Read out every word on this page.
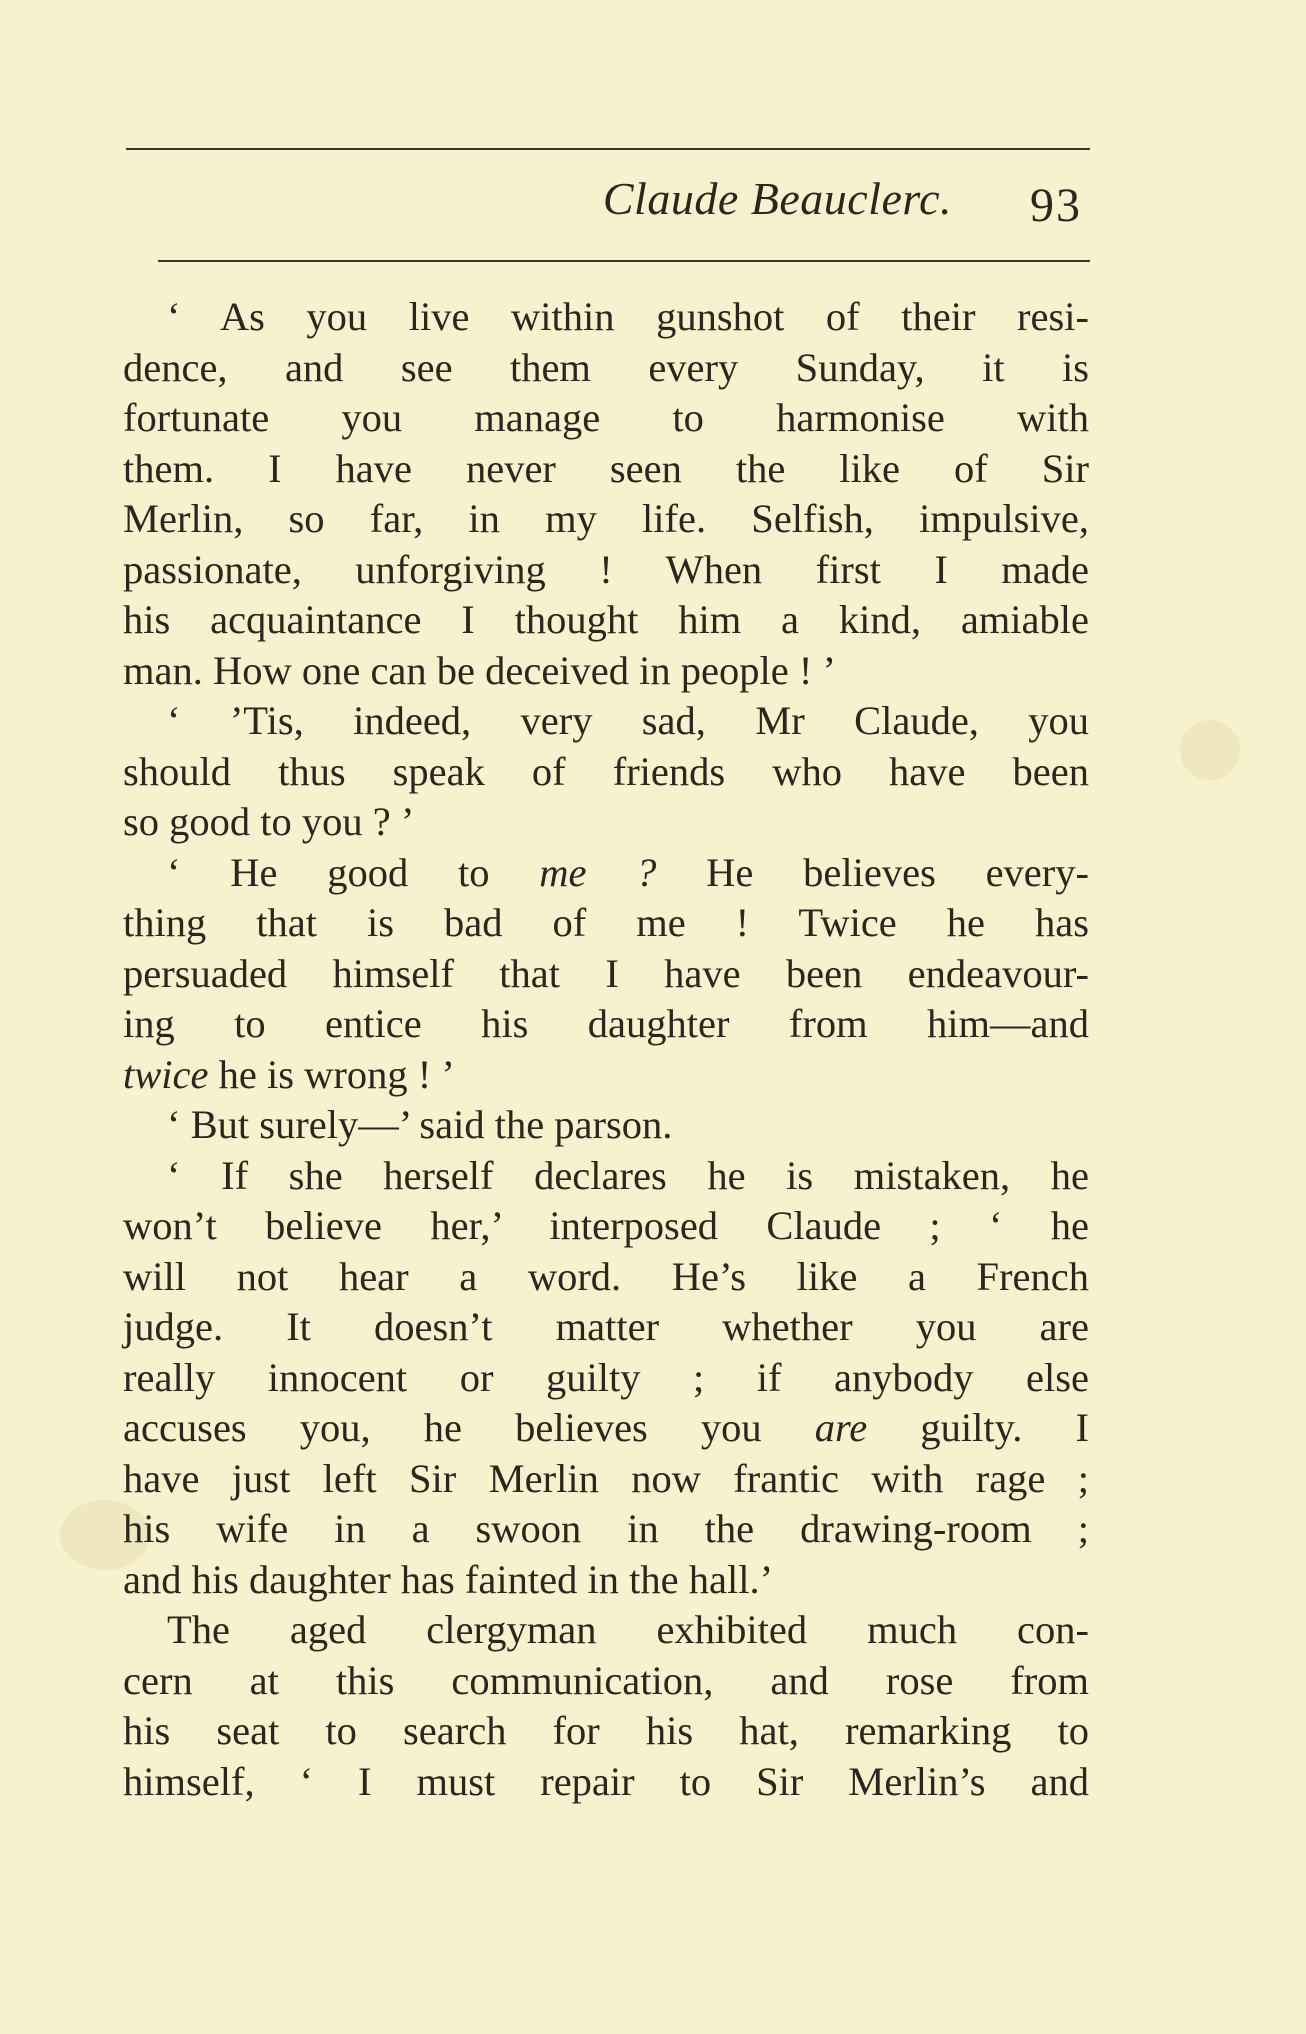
Claude Beauclerc. 93
‘ As you live within gunshot of their resi-
dence, and see them every Sunday, it is
fortunate you manage to harmonise with
them. I have never seen the like of Sir
Merlin, so far, in my life. Selfish, impulsive,
passionate, unforgiving ! When first I made
his acquaintance I thought him a kind, amiable
man. How one can be deceived in people ! ’
‘ ’Tis, indeed, very sad, Mr Claude, you
should thus speak of friends who have been
so good to you ? ’
‘ He good to me ? He believes every-
thing that is bad of me ! Twice he has
persuaded himself that I have been endeavour-
ing to entice his daughter from him—and
twice he is wrong ! ’
‘ But surely—’ said the parson.
‘ If she herself declares he is mistaken, he
won’t believe her,’ interposed Claude ; ‘ he
will not hear a word. He’s like a French
judge. It doesn’t matter whether you are
really innocent or guilty ; if anybody else
accuses you, he believes you are guilty. I
have just left Sir Merlin now frantic with rage ;
his wife in a swoon in the drawing-room ;
and his daughter has fainted in the hall.’
The aged clergyman exhibited much con-
cern at this communication, and rose from
his seat to search for his hat, remarking to
himself, ‘ I must repair to Sir Merlin’s and
